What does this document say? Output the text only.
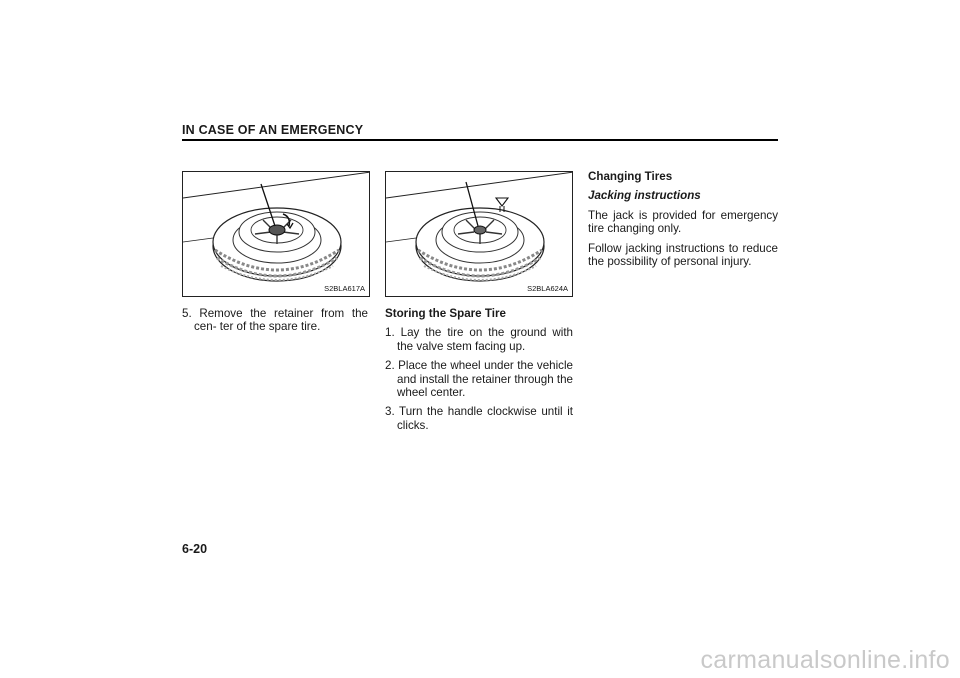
IN CASE OF AN EMERGENCY
S2BLA617A	S2BLA624A

5. Remove the retainer from the cen- ter of the spare tire.

Storing the Spare Tire

1. Lay the tire on the ground with the valve stem facing up.

2. Place the wheel under the vehicle and install the retainer through the wheel center.

3. Turn the handle clockwise until it clicks.

Changing Tires

Jacking instructions

The jack is provided for emergency tire changing only.

Follow jacking instructions to reduce the possibility of personal injury.

6-20
carmanualsonline.info
